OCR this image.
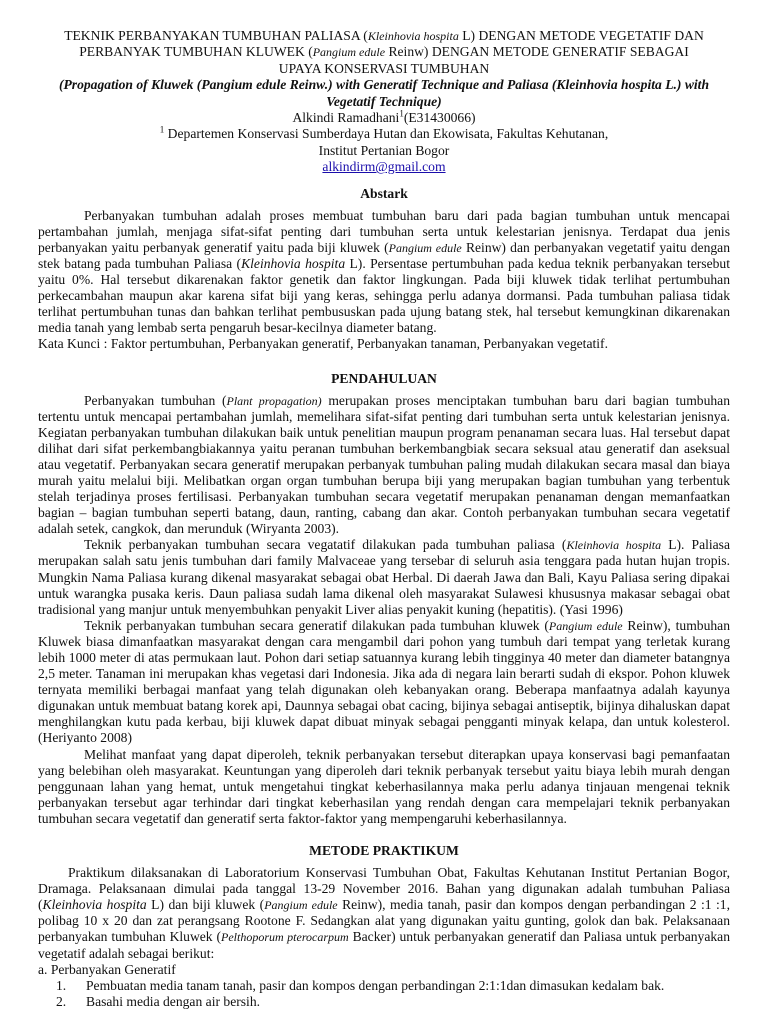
TEKNIK PERBANYAKAN TUMBUHAN PALIASA (Kleinhovia hospita L) DENGAN METODE VEGETATIF DAN
PERBANYAK TUMBUHAN KLUWEK (Pangium edule Reinw) DENGAN METODE GENERATIF SEBAGAI
UPAYA KONSERVASI TUMBUHAN
(Propagation of Kluwek (Pangium edule Reinw.) with Generatif Technique and Paliasa (Kleinhovia hospita L.) with Vegetatif Technique)
Alkindi Ramadhani$^1$(E31430066)
$^1$ Departemen Konservasi Sumberdaya Hutan dan Ekowisata, Fakultas Kehutanan,
Institut Pertanian Bogor
alkindirm@gmail.com
Abstark

Perbanyakan tumbuhan adalah proses membuat tumbuhan baru dari pada bagian tumbuhan untuk mencapai pertambahan jumlah, menjaga sifat-sifat penting dari tumbuhan serta untuk kelestarian jenisnya. Terdapat dua jenis perbanyakan yaitu perbanyak generatif yaitu pada biji kluwek (Pangium edule Reinw) dan perbanyakan vegetatif yaitu dengan stek batang pada tumbuhan Paliasa (Kleinhovia hospita L). Persentase pertumbuhan pada kedua teknik perbanyakan tersebut yaitu 0%. Hal tersebut dikarenakan faktor genetik dan faktor lingkungan. Pada biji kluwek tidak terlihat pertumbuhan perkecambahan maupun akar karena sifat biji yang keras, sehingga perlu adanya dormansi. Pada tumbuhan paliasa tidak terlihat pertumbuhan tunas dan bahkan terlihat pembususkan pada ujung batang stek, hal tersebut kemungkinan dikarenakan media tanah yang lembab serta pengaruh besar-kecilnya diameter batang.

Kata Kunci : Faktor pertumbuhan, Perbanyakan generatif, Perbanyakan tanaman, Perbanyakan vegetatif.

PENDAHULUAN

Perbanyakan tumbuhan (Plant propagation) merupakan proses menciptakan tumbuhan baru dari bagian tumbuhan tertentu untuk mencapai pertambahan jumlah, memelihara sifat-sifat penting dari tumbuhan serta untuk kelestarian jenisnya. Kegiatan perbanyakan tumbuhan dilakukan baik untuk penelitian maupun program penanaman secara luas. Hal tersebut dapat dilihat dari sifat perkembangbiakannya yaitu peranan tumbuhan berkembangbiak secara seksual atau generatif dan aseksual atau vegetatif. Perbanyakan secara generatif merupakan perbanyak tumbuhan paling mudah dilakukan secara masal dan biaya murah yaitu melalui biji. Melibatkan organ organ tumbuhan berupa biji yang merupakan bagian tumbuhan yang terbentuk stelah terjadinya proses fertilisasi. Perbanyakan tumbuhan secara vegetatif merupakan penanaman dengan memanfaatkan bagian – bagian tumbuhan seperti batang, daun, ranting, cabang dan akar. Contoh perbanyakan tumbuhan secara vegetatif adalah setek, cangkok, dan merunduk (Wiryanta 2003).

Teknik perbanyakan tumbuhan secara vegatatif dilakukan pada tumbuhan paliasa (Kleinhovia hospita L). Paliasa merupakan salah satu jenis tumbuhan dari family Malvaceae yang tersebar di seluruh asia tenggara pada hutan hujan tropis. Mungkin Nama Paliasa kurang dikenal masyarakat sebagai obat Herbal. Di daerah Jawa dan Bali, Kayu Paliasa sering dipakai untuk warangka pusaka keris. Daun paliasa sudah lama dikenal oleh masyarakat Sulawesi khususnya makasar sebagai obat tradisional yang manjur untuk menyembuhkan penyakit Liver alias penyakit kuning (hepatitis). (Yasi 1996)

Teknik perbanyakan tumbuhan secara generatif dilakukan pada tumbuhan kluwek (Pangium edule Reinw), tumbuhan Kluwek biasa dimanfaatkan masyarakat dengan cara mengambil dari pohon yang tumbuh dari tempat yang terletak kurang lebih 1000 meter di atas permukaan laut. Pohon dari setiap satuannya kurang lebih tingginya 40 meter dan diameter batangnya 2,5 meter. Tanaman ini merupakan khas vegetasi dari Indonesia. Jika ada di negara lain berarti sudah di ekspor. Pohon kluwek ternyata memiliki berbagai manfaat yang telah digunakan oleh kebanyakan orang. Beberapa manfaatnya adalah kayunya digunakan untuk membuat batang korek api, Daunnya sebagai obat cacing, bijinya sebagai antiseptik, bijinya dihaluskan dapat menghilangkan kutu pada kerbau, biji kluwek dapat dibuat minyak sebagai pengganti minyak kelapa, dan untuk kolesterol.(Heriyanto 2008)

Melihat manfaat yang dapat diperoleh, teknik perbanyakan tersebut diterapkan upaya konservasi bagi pemanfaatan yang belebihan oleh masyarakat. Keuntungan yang diperoleh dari teknik perbanyak tersebut yaitu biaya lebih murah dengan penggunaan lahan yang hemat, untuk mengetahui tingkat keberhasilannya maka perlu adanya tinjauan mengenai teknik perbanyakan tersebut agar terhindar dari tingkat keberhasilan yang rendah dengan cara mempelajari teknik perbanyakan tumbuhan secara vegetatif dan generatif serta faktor-faktor yang mempengaruhi keberhasilannya.

METODE PRAKTIKUM

Praktikum dilaksanakan di Laboratorium Konservasi Tumbuhan Obat, Fakultas Kehutanan Institut Pertanian Bogor, Dramaga. Pelaksanaan dimulai pada tanggal 13-29 November 2016. Bahan yang digunakan adalah tumbuhan Paliasa (Kleinhovia hospita L) dan biji kluwek (Pangium edule Reinw), media tanah, pasir dan kompos dengan perbandingan 2 :1 :1, polibag 10 x 20 dan zat perangsang Rootone F. Sedangkan alat yang digunakan yaitu gunting, golok dan bak. Pelaksanaan perbanyakan tumbuhan Kluwek (Pelthoporum pterocarpum Backer) untuk perbanyakan generatif dan Paliasa untuk perbanyakan vegetatif adalah sebagai berikut:

a. Perbanyakan Generatif
1.	Pembuatan media tanam tanah, pasir dan kompos dengan perbandingan 2:1:1dan dimasukan kedalam bak.
2.	Basahi media dengan air bersih.
